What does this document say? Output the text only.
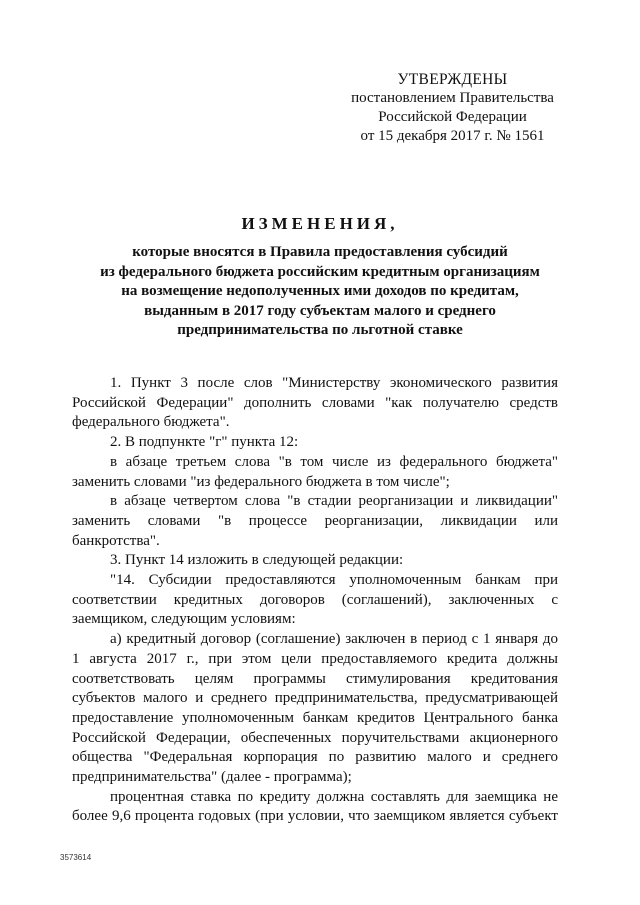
УТВЕРЖДЕНЫ
постановлением Правительства
Российской Федерации
от 15 декабря 2017 г. № 1561
ИЗМЕНЕНИЯ,
которые вносятся в Правила предоставления субсидий
из федерального бюджета российским кредитным организациям
на возмещение недополученных ими доходов по кредитам,
выданным в 2017 году субъектам малого и среднего
предпринимательства по льготной ставке

1. Пункт 3 после слов "Министерству экономического развития Российской Федерации" дополнить словами "как получателю средств федерального бюджета".

2. В подпункте "г" пункта 12:

в абзаце третьем слова "в том числе из федерального бюджета" заменить словами "из федерального бюджета в том числе";

в абзаце четвертом слова "в стадии реорганизации и ликвидации" заменить словами "в процессе реорганизации, ликвидации или банкротства".

3. Пункт 14 изложить в следующей редакции:

"14. Субсидии предоставляются уполномоченным банкам при соответствии кредитных договоров (соглашений), заключенных с заемщиком, следующим условиям:

а) кредитный договор (соглашение) заключен в период с 1 января до 1 августа 2017 г., при этом цели предоставляемого кредита должны соответствовать целям программы стимулирования кредитования субъектов малого и среднего предпринимательства, предусматривающей предоставление уполномоченным банкам кредитов Центрального банка Российской Федерации, обеспеченных поручительствами акционерного общества "Федеральная корпорация по развитию малого и среднего предпринимательства" (далее - программа);

процентная ставка по кредиту должна составлять для заемщика не более 9,6 процента годовых (при условии, что заемщиком является субъект

3573614
